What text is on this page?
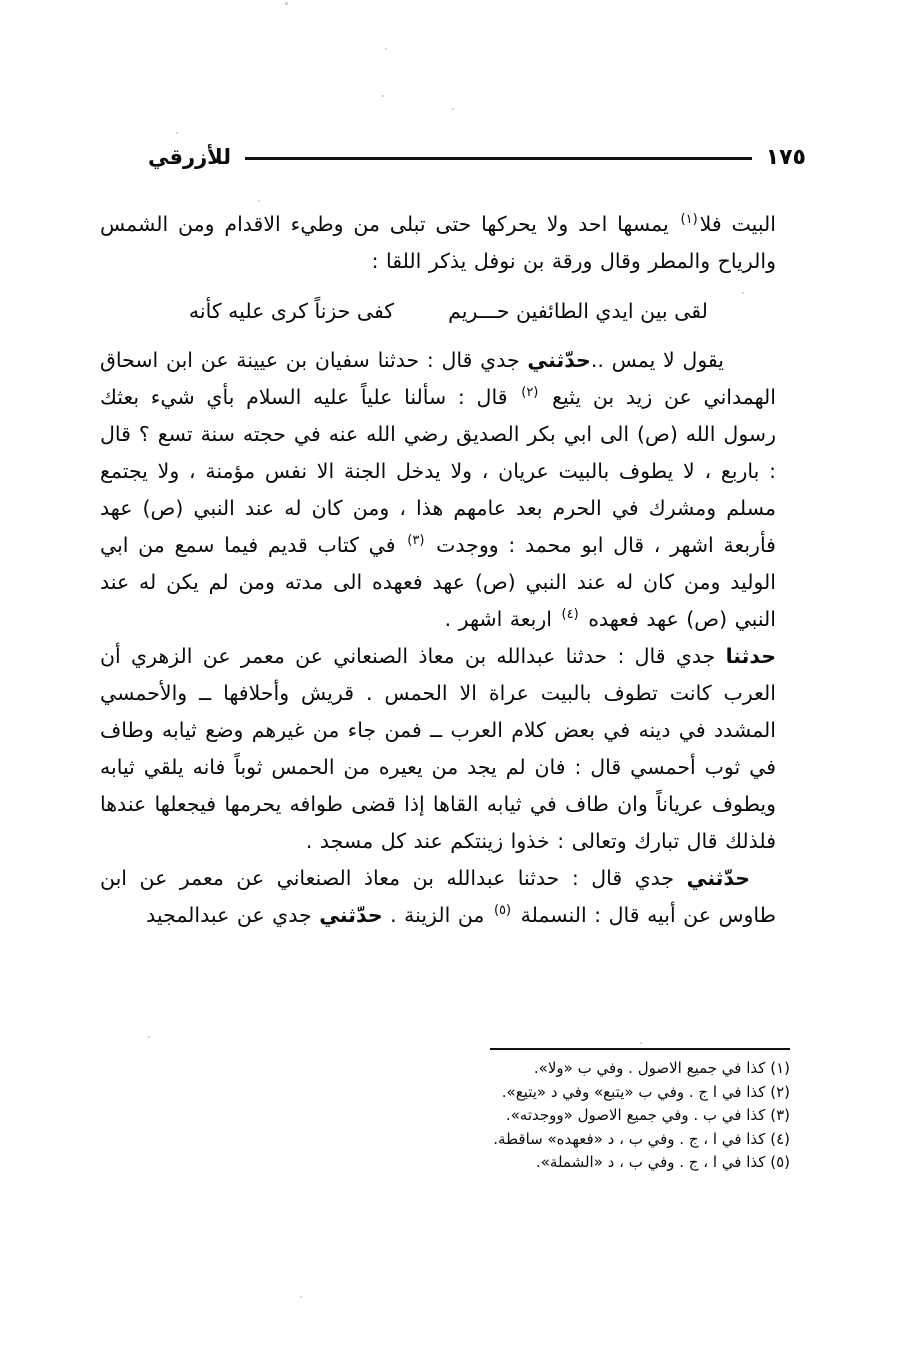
للأزرقي	١٧٥

البيت فلا$^{(١)}$ يمسها احد ولا يحركها حتى تبلى من وطيء الاقدام ومن الشمس والرياح والمطر وقال ورقة بن نوفل يذكر اللقا :

لقى بين ايدي الطائفين حـــريم
كفى حزناً كرى عليه كأنه

يقول لا يمس ..حدّثني جدي قال : حدثنا سفيان بن عيينة عن ابن اسحاق الهمداني عن زيد بن يثيع $^{(٢)}$ قال : سألنا علياً عليه السلام بأي شيء بعثك رسول الله (ص) الى ابي بكر الصديق رضي الله عنه في حجته سنة تسع ؟ قال : باربع ، لا يطوف بالبيت عريان ، ولا يدخل الجنة الا نفس مؤمنة ، ولا يجتمع مسلم ومشرك في الحرم بعد عامهم هذا ، ومن كان له عند النبي (ص) عهد فأربعة اشهر ، قال ابو محمد : ووجدت $^{(٣)}$ في كتاب قديم فيما سمع من ابي الوليد ومن كان له عند النبي (ص) عهد فعهده الى مدته ومن لم يكن له عند النبي (ص) عهد فعهده $^{(٤)}$ اربعة اشهر .

حدثنا جدي قال : حدثنا عبدالله بن معاذ الصنعاني عن معمر عن الزهري أن العرب كانت تطوف بالبيت عراة الا الحمس . قريش وأحلافها ــ والأحمسي المشدد في دينه في بعض كلام العرب ــ فمن جاء من غيرهم وضع ثيابه وطاف في ثوب أحمسي قال : فان لم يجد من يعيره من الحمس ثوباً فانه يلقي ثيابه ويطوف عرياناً وان طاف في ثيابه القاها إذا قضى طوافه يحرمها فيجعلها عندها فلذلك قال تبارك وتعالى : خذوا زينتكم عند كل مسجد .

حدّثني جدي قال : حدثنا عبدالله بن معاذ الصنعاني عن معمر عن ابن طاوس عن أبيه قال : النسملة $^{(٥)}$ من الزينة . حدّثني جدي عن عبدالمجيد

(١) كذا في جميع الاصول . وفي ب «ولا».
(٢) كذا في ا ج . وفي ب «يتبع» وفي د «يتيع».
(٣) كذا في ب . وفي جميع الاصول «ووجدته».
(٤) كذا في ا ، ج . وفي ب ، د «فعهده» ساقطة.
(٥) كذا في ا ، ج . وفي ب ، د «الشملة».
